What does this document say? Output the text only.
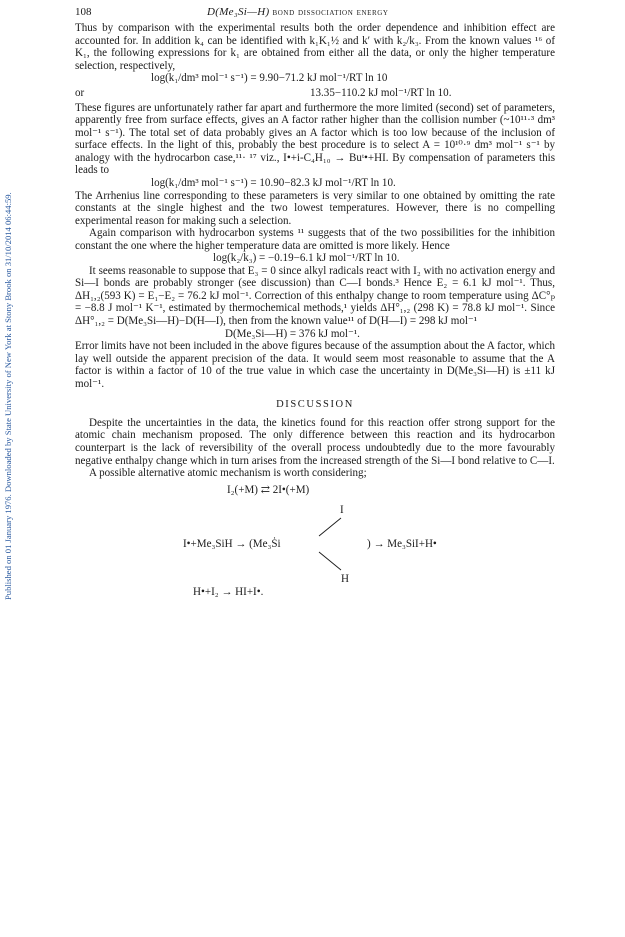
Published on 01 January 1976. Downloaded by State University of New York at Stony Brook on 31/10/2014 06:44:59.
108	D(Me₃Si—H) bond dissociation energy

Thus by comparison with the experimental results both the order dependence and inhibition effect are accounted for. In addition k₄ can be identified with k₁K₁½ and k′ with k₂/k₃. From the known values ¹⁶ of K₁, the following expressions for k₁ are obtained from either all the data, or only the higher temperature selection, respectively,

log(k₁/dm³ mol⁻¹ s⁻¹) = 9.90−71.2 kJ mol⁻¹/RT ln 10

or	13.35−110.2 kJ mol⁻¹/RT ln 10.

These figures are unfortunately rather far apart and furthermore the more limited (second) set of parameters, apparently free from surface effects, gives an A factor rather higher than the collision number (~10¹¹·³ dm³ mol⁻¹ s⁻¹). The total set of data probably gives an A factor which is too low because of the inclusion of surface effects. In the light of this, probably the best procedure is to select A = 10¹⁰·⁹ dm³ mol⁻¹ s⁻¹ by analogy with the hydrocarbon case,¹¹· ¹⁷ viz., I•+i-C₄H₁₀ → Buᵗ•+HI. By compensation of parameters this leads to

log(k₁/dm³ mol⁻¹ s⁻¹) = 10.90−82.3 kJ mol⁻¹/RT ln 10.

The Arrhenius line corresponding to these parameters is very similar to one obtained by omitting the rate constants at the single highest and the two lowest temperatures. However, there is no compelling experimental reason for making such a selection.

Again comparison with hydrocarbon systems ¹¹ suggests that of the two possibilities for the inhibition constant the one where the higher temperature data are omitted is more likely. Hence

log(k₂/k₃) = −0.19−6.1 kJ mol⁻¹/RT ln 10.

It seems reasonable to suppose that E₃ = 0 since alkyl radicals react with I₂ with no activation energy and Si—I bonds are probably stronger (see discussion) than C—I bonds.³ Hence E₂ = 6.1 kJ mol⁻¹. Thus, ΔH₁,₂(593 K) = E₁−E₂ = 76.2 kJ mol⁻¹. Correction of this enthalpy change to room temperature using ΔC°ₚ = −8.8 J mol⁻¹ K⁻¹, estimated by thermochemical methods,¹ yields ΔH°₁,₂ (298 K) = 78.8 kJ mol⁻¹. Since ΔH°₁,₂ = D(Me₃Si—H)−D(H—I), then from the known value¹¹ of D(H—I) = 298 kJ mol⁻¹

D(Me₃Si—H) = 376 kJ mol⁻¹.

Error limits have not been included in the above figures because of the assumption about the A factor, which lay well outside the apparent precision of the data. It would seem most reasonable to assume that the A factor is within a factor of 10 of the true value in which case the uncertainty in D(Me₃Si—H) is ±11 kJ mol⁻¹.

DISCUSSION

Despite the uncertainties in the data, the kinetics found for this reaction offer strong support for the atomic chain mechanism proposed. The only difference between this reaction and its hydrocarbon counterpart is the lack of reversibility of the overall process undoubtedly due to the more favourably negative enthalpy change which in turn arises from the increased strength of the Si—I bond relative to C—I.

A possible alternative atomic mechanism is worth considering;

I₂(+M) ⇄ 2I•(+M)
I
I•+Me₃SiH → (Me₃Ṡi	) → Me₃SiI+H•
H
H•+I₂ → HI+I•.
